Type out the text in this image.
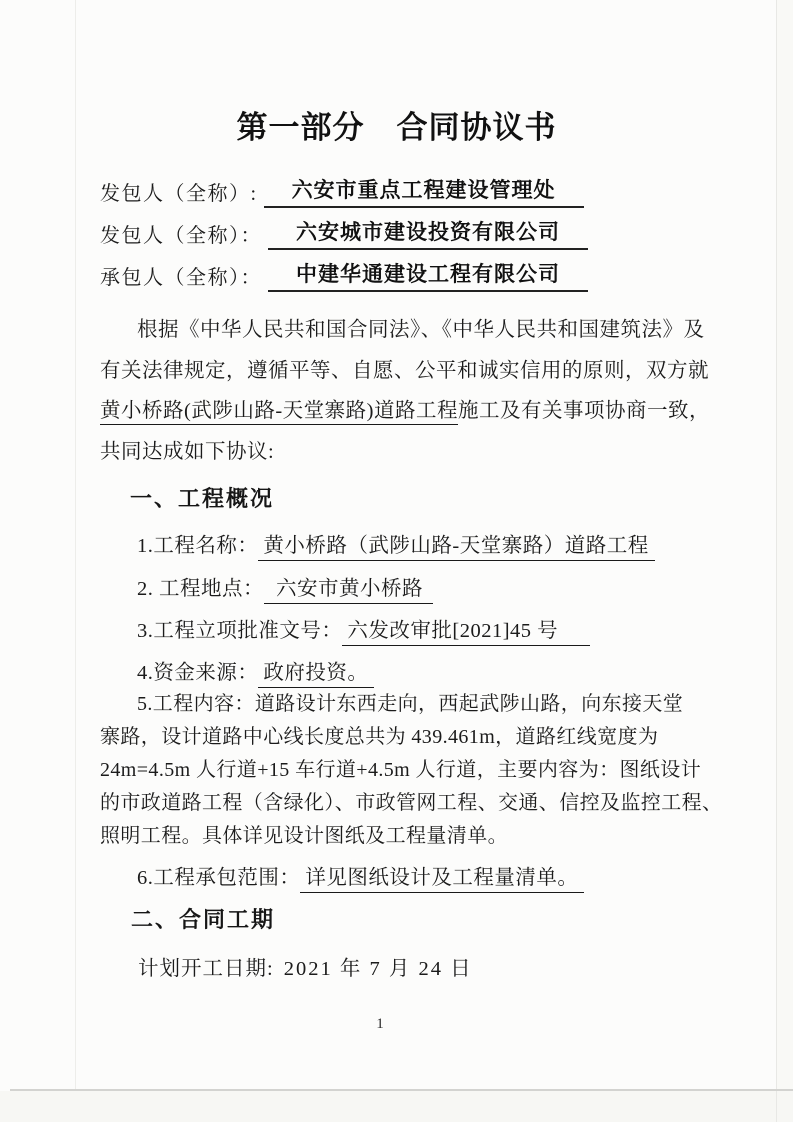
第一部分　合同协议书
发包人（全称）:	六安市重点工程建设管理处
发包人（全称）：	六安城市建设投资有限公司
承包人（全称）：	中建华通建设工程有限公司
根据《中华人民共和国合同法》、《中华人民共和国建筑法》及
有关法律规定，遵循平等、自愿、公平和诚实信用的原则，双方就
黄小桥路(武陟山路-天堂寨路)道路工程施工及有关事项协商一致，
共同达成如下协议:
一、工程概况
1.工程名称： 黄小桥路（武陟山路-天堂寨路）道路工程
2. 工程地点： 六安市黄小桥路
3.工程立项批准文号： 六发改审批[2021]45 号
4.资金来源： 政府投资。
5.工程内容：道路设计东西走向，西起武陟山路，向东接天堂
寨路，设计道路中心线长度总共为 439.461m，道路红线宽度为
24m=4.5m 人行道+15 车行道+4.5m 人行道，主要内容为：图纸设计
的市政道路工程（含绿化）、市政管网工程、交通、信控及监控工程、
照明工程。具体详见设计图纸及工程量清单。
6.工程承包范围： 详见图纸设计及工程量清单。
二、合同工期
计划开工日期: 2021 年 7 月 24 日
1
